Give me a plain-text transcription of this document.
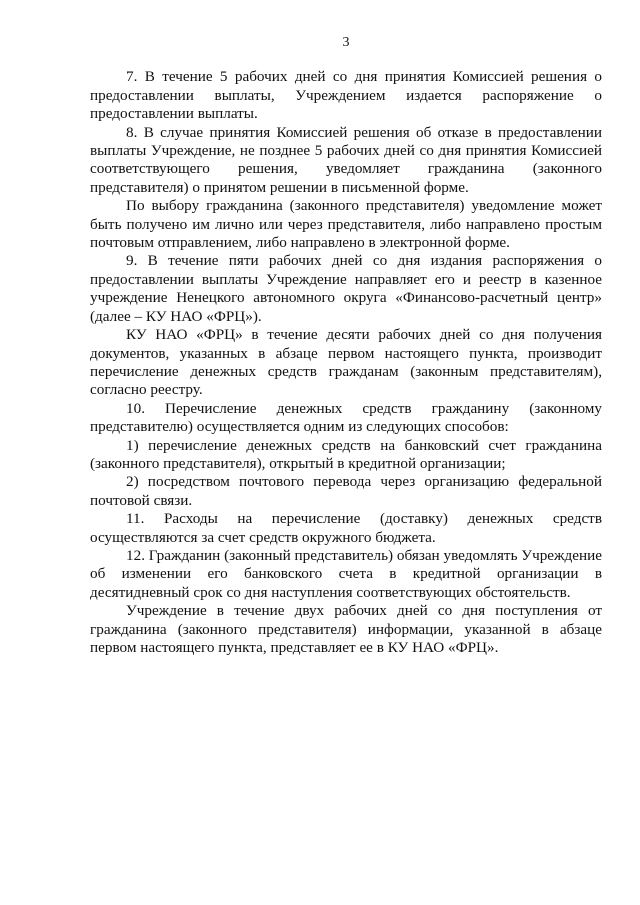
3

7. В течение 5 рабочих дней со дня принятия Комиссией решения о предоставлении выплаты, Учреждением издается распоряжение о предоставлении выплаты.

8. В случае принятия Комиссией решения об отказе в предоставлении выплаты Учреждение, не позднее 5 рабочих дней со дня принятия Комиссией соответствующего решения, уведомляет гражданина (законного представителя) о принятом решении в письменной форме.

По выбору гражданина (законного представителя) уведомление может быть получено им лично или через представителя, либо направлено простым почтовым отправлением, либо направлено в электронной форме.

9. В течение пяти рабочих дней со дня издания распоряжения о предоставлении выплаты Учреждение направляет его и реестр в казенное учреждение Ненецкого автономного округа «Финансово-расчетный центр» (далее – КУ НАО «ФРЦ»).

КУ НАО «ФРЦ» в течение десяти рабочих дней со дня получения документов, указанных в абзаце первом настоящего пункта, производит перечисление денежных средств гражданам (законным представителям), согласно реестру.

10. Перечисление денежных средств гражданину (законному представителю) осуществляется одним из следующих способов:

1) перечисление денежных средств на банковский счет гражданина (законного представителя), открытый в кредитной организации;

2) посредством почтового перевода через организацию федеральной почтовой связи.

11. Расходы на перечисление (доставку) денежных средств осуществляются за счет средств окружного бюджета.

12. Гражданин (законный представитель) обязан уведомлять Учреждение об изменении его банковского счета в кредитной организации в десятидневный срок со дня наступления соответствующих обстоятельств.

Учреждение в течение двух рабочих дней со дня поступления от гражданина (законного представителя) информации, указанной в абзаце первом настоящего пункта, представляет ее в КУ НАО «ФРЦ».
